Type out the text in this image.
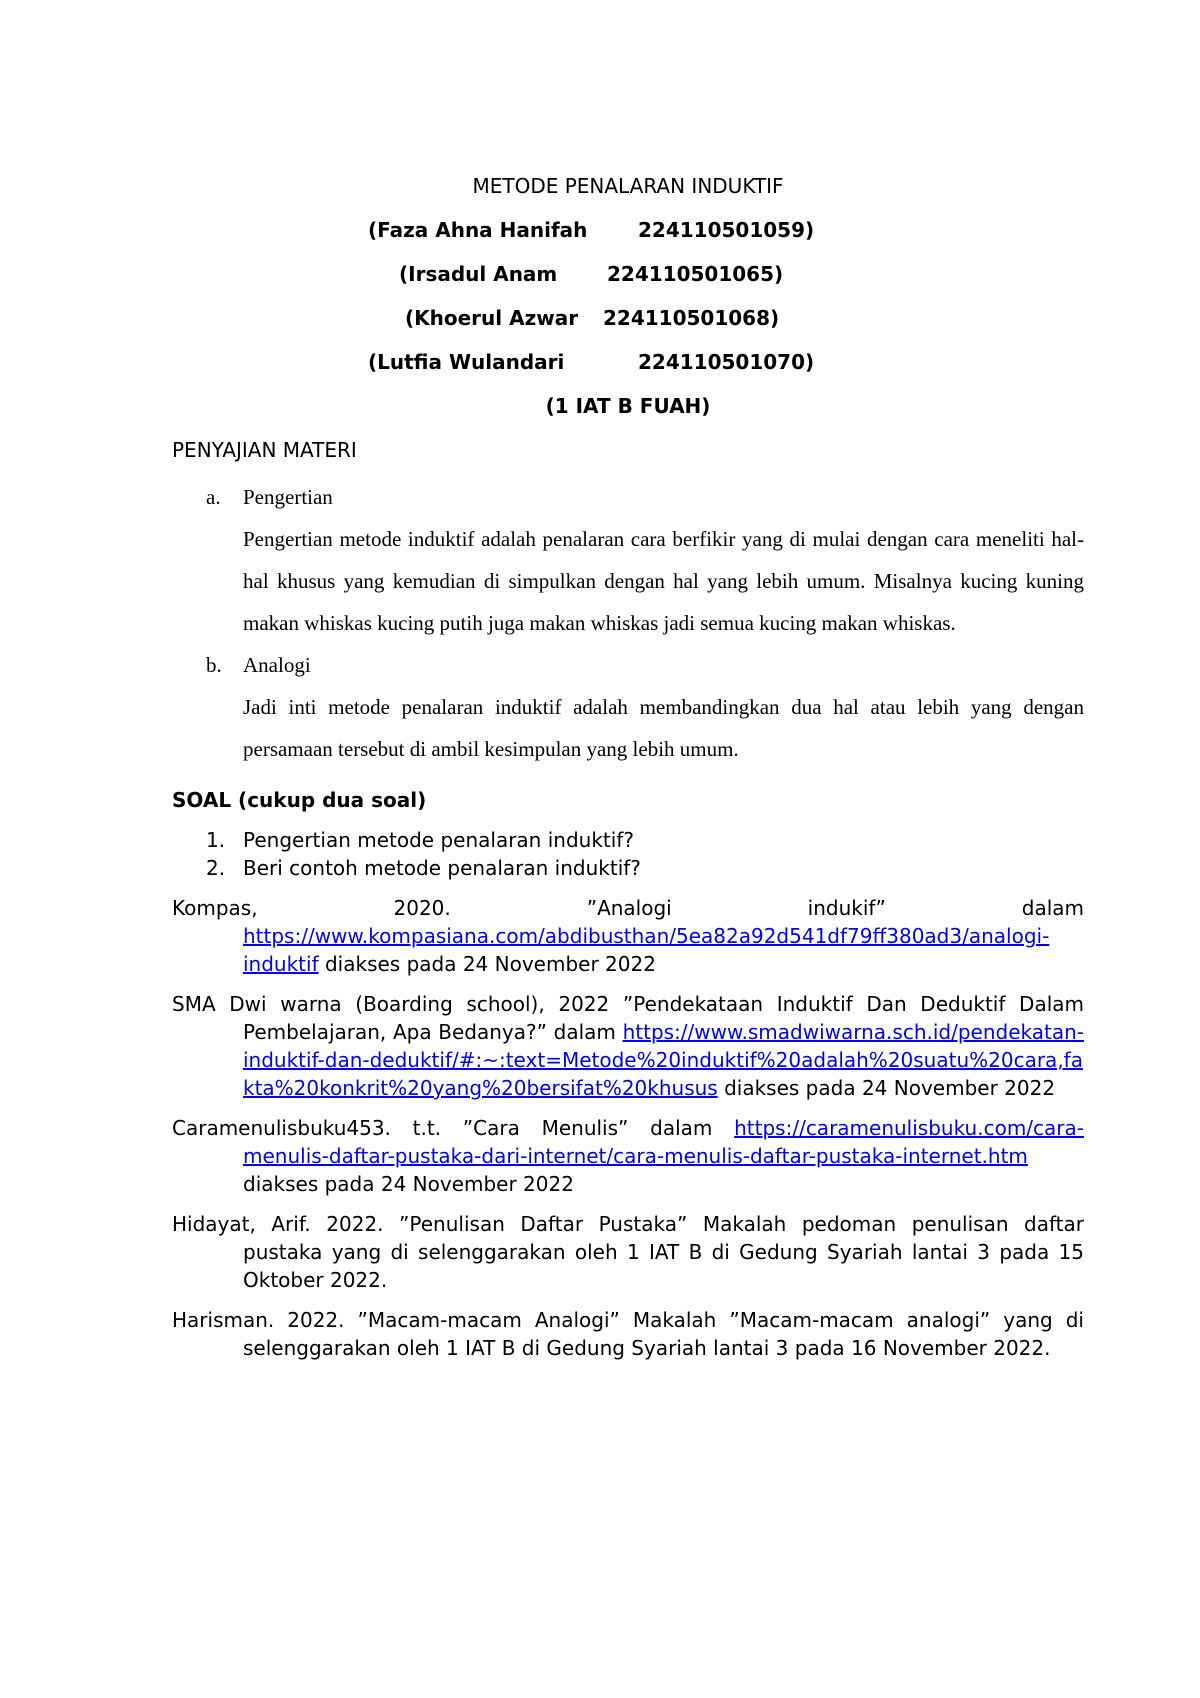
METODE PENALARAN INDUKTIF

(Faza Ahna Hanifah

	224110501059)

(Irsadul Anam

224110501065)

(Khoerul Azwar

224110501068)

(Lutfia Wulandari

	224110501070)

(1 IAT B FUAH)
PENYAJIAN MATERI
a. Pengertian
Pengertian metode induktif adalah penalaran cara berfikir yang di mulai dengan cara meneliti hal-hal khusus yang kemudian di simpulkan dengan hal yang lebih umum. Misalnya kucing kuning makan whiskas kucing putih juga makan whiskas jadi semua kucing makan whiskas.
b. Analogi
Jadi inti metode penalaran induktif adalah membandingkan dua hal atau lebih yang dengan persamaan tersebut di ambil kesimpulan yang lebih umum.
SOAL (cukup dua soal)
1. Pengertian metode penalaran induktif?
2. Beri contoh metode penalaran induktif?

Kompas, 2020. ”Analogi indukif” dalam https://www.kompasiana.com/abdibusthan/5ea82a92d541df79ff380ad3/analogi-induktif diakses pada 24 November 2022

SMA Dwi warna (Boarding school), 2022 ”Pendekataan Induktif Dan Deduktif Dalam Pembelajaran, Apa Bedanya?” dalam https://www.smadwiwarna.sch.id/pendekatan-induktif-dan-deduktif/#:~:text=Metode%20induktif%20adalah%20suatu%20cara,fakta%20konkrit%20yang%20bersifat%20khusus diakses pada 24 November 2022

Caramenulisbuku453. t.t. ”Cara Menulis” dalam https://caramenulisbuku.com/cara-menulis-daftar-pustaka-dari-internet/cara-menulis-daftar-pustaka-internet.htm diakses pada 24 November 2022

Hidayat, Arif. 2022. ”Penulisan Daftar Pustaka” Makalah pedoman penulisan daftar pustaka yang di selenggarakan oleh 1 IAT B di Gedung Syariah lantai 3 pada 15 Oktober 2022.

Harisman. 2022. ”Macam-macam Analogi” Makalah ”Macam-macam analogi” yang di selenggarakan oleh 1 IAT B di Gedung Syariah lantai 3 pada 16 November 2022.
